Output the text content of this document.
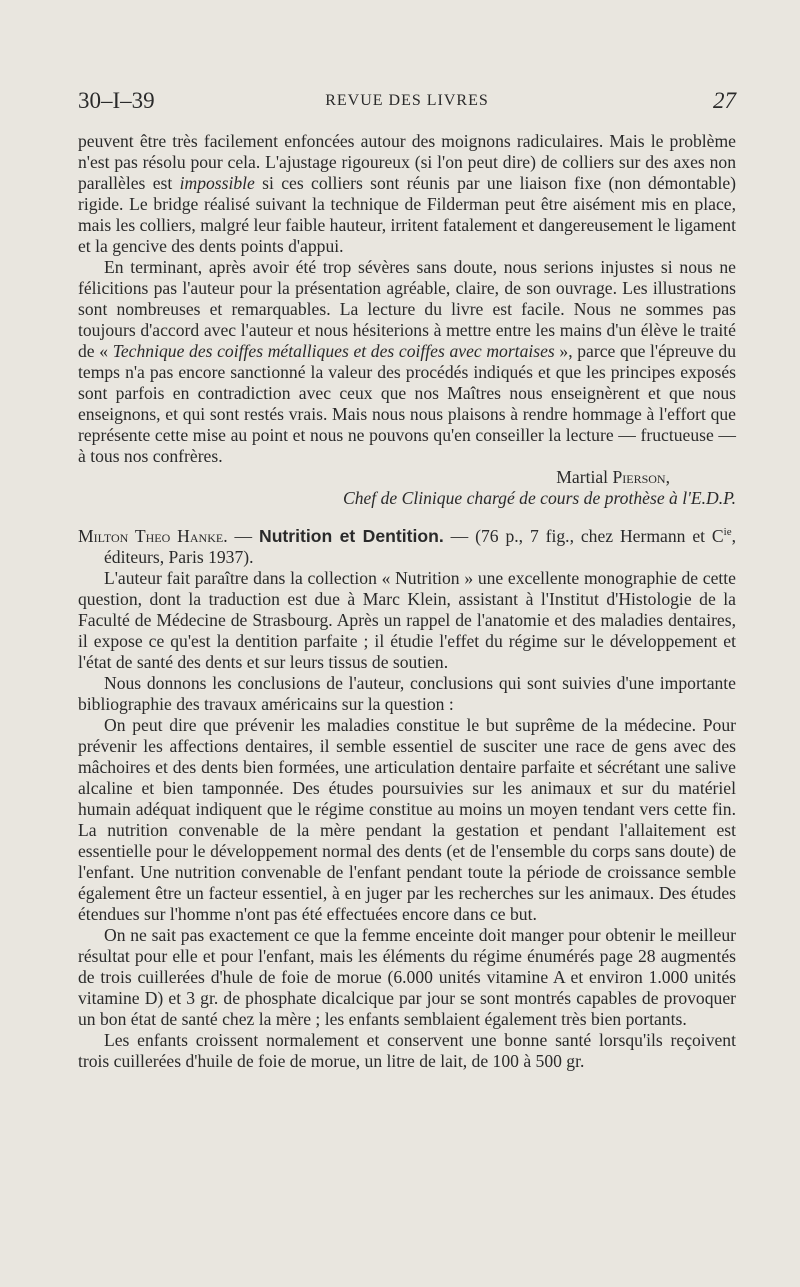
30–I–39	REVUE DES LIVRES	27

peuvent être très facilement enfoncées autour des moignons radiculaires. Mais le problème n'est pas résolu pour cela. L'ajustage rigoureux (si l'on peut dire) de colliers sur des axes non parallèles est impossible si ces colliers sont réunis par une liaison fixe (non démontable) rigide. Le bridge réalisé suivant la technique de Filderman peut être aisément mis en place, mais les colliers, malgré leur faible hauteur, irritent fatalement et dangereusement le ligament et la gencive des dents points d'appui.

En terminant, après avoir été trop sévères sans doute, nous serions injustes si nous ne félicitions pas l'auteur pour la présentation agréable, claire, de son ouvrage. Les illustrations sont nombreuses et remarquables. La lecture du livre est facile. Nous ne sommes pas toujours d'accord avec l'auteur et nous hésiterions à mettre entre les mains d'un élève le traité de « Technique des coiffes métalliques et des coiffes avec mortaises », parce que l'épreuve du temps n'a pas encore sanctionné la valeur des procédés indiqués et que les principes exposés sont parfois en contradiction avec ceux que nos Maîtres nous enseignèrent et que nous enseignons, et qui sont restés vrais. Mais nous nous plaisons à rendre hommage à l'effort que représente cette mise au point et nous ne pouvons qu'en conseiller la lecture — fructueuse — à tous nos confrères.

Martial Pierson,

Chef de Clinique chargé de cours de prothèse à l'E.D.P.

Milton Theo Hanke. — Nutrition et Dentition. — (76 p., 7 fig., chez Hermann et $C^{ie}$, éditeurs, Paris 1937).

L'auteur fait paraître dans la collection « Nutrition » une excellente monographie de cette question, dont la traduction est due à Marc Klein, assistant à l'Institut d'Histologie de la Faculté de Médecine de Strasbourg. Après un rappel de l'anatomie et des maladies dentaires, il expose ce qu'est la dentition parfaite ; il étudie l'effet du régime sur le développement et l'état de santé des dents et sur leurs tissus de soutien.

Nous donnons les conclusions de l'auteur, conclusions qui sont suivies d'une importante bibliographie des travaux américains sur la question :

On peut dire que prévenir les maladies constitue le but suprême de la médecine. Pour prévenir les affections dentaires, il semble essentiel de susciter une race de gens avec des mâchoires et des dents bien formées, une articulation dentaire parfaite et sécrétant une salive alcaline et bien tamponnée. Des études poursuivies sur les animaux et sur du matériel humain adéquat indiquent que le régime constitue au moins un moyen tendant vers cette fin. La nutrition convenable de la mère pendant la gestation et pendant l'allaitement est essentielle pour le développement normal des dents (et de l'ensemble du corps sans doute) de l'enfant. Une nutrition convenable de l'enfant pendant toute la période de croissance semble également être un facteur essentiel, à en juger par les recherches sur les animaux. Des études étendues sur l'homme n'ont pas été effectuées encore dans ce but.

On ne sait pas exactement ce que la femme enceinte doit manger pour obtenir le meilleur résultat pour elle et pour l'enfant, mais les éléments du régime énumérés page 28 augmentés de trois cuillerées d'hule de foie de morue (6.000 unités vitamine A et environ 1.000 unités vitamine D) et 3 gr. de phosphate dicalcique par jour se sont montrés capables de provoquer un bon état de santé chez la mère ; les enfants semblaient également très bien portants.

Les enfants croissent normalement et conservent une bonne santé lorsqu'ils reçoivent trois cuillerées d'huile de foie de morue, un litre de lait, de 100 à 500 gr.
